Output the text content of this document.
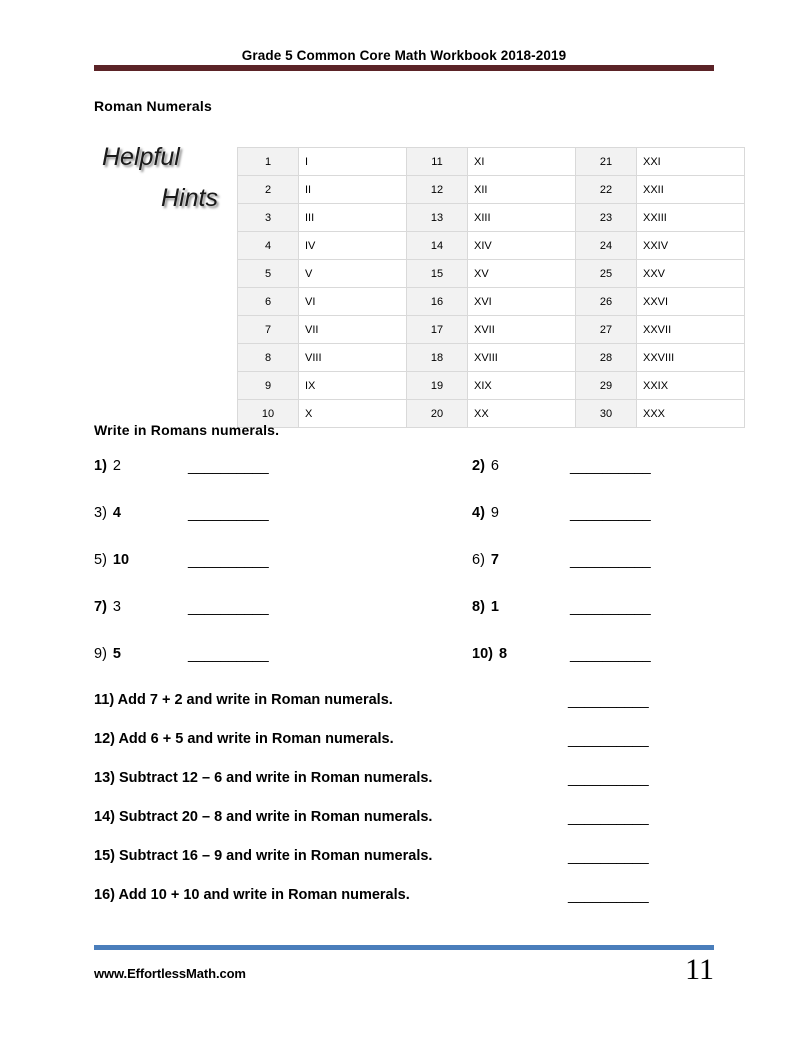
Grade 5 Common Core Math Workbook 2018-2019
Roman Numerals
Helpful
Hints
1	I	11	XI	21	XXI
2	II	12	XII	22	XXII
3	III	13	XIII	23	XXIII
4	IV	14	XIV	24	XXIV
5	V	15	XV	25	XXV
6	VI	16	XVI	26	XXVI
7	VII	17	XVII	27	XXVII
8	VIII	18	XVIII	28	XXVIII
9	IX	19	XIX	29	XXIX
10	X	20	XX	30	XXX
Write in Romans numerals.
1) 2	__________	2) 6	__________
3) 4	__________	4) 9	__________
5) 10	__________	6) 7	__________
7) 3	__________	8) 1	__________
9) 5	__________	10) 8	__________
11) Add 7 + 2 and write in Roman numerals.	__________
12) Add 6 + 5 and write in Roman numerals.	__________
13) Subtract 12 – 6 and write in Roman numerals.	__________
14) Subtract 20 – 8 and write in Roman numerals.	__________
15) Subtract 16 – 9 and write in Roman numerals.	__________
16) Add 10 + 10 and write in Roman numerals.	__________
www.EffortlessMath.com	11
